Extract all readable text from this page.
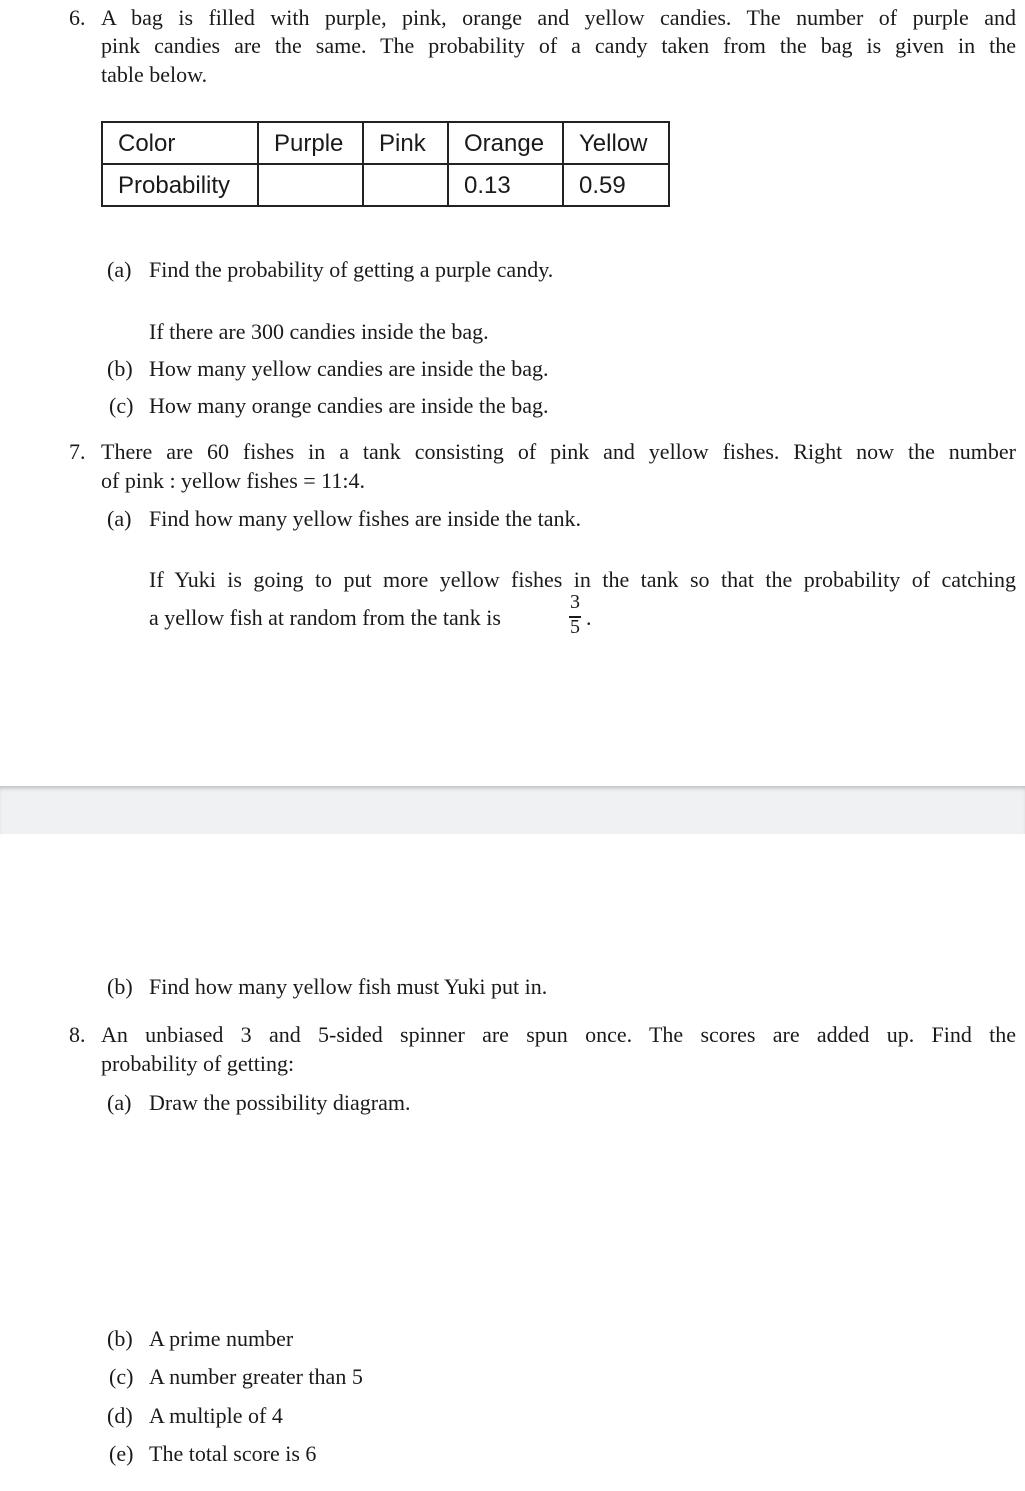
6. A bag is filled with purple, pink, orange and yellow candies. The number of purple and
pink candies are the same. The probability of a candy taken from the bag is given in the
table below.
Color	Purple	Pink	Orange	Yellow
Probability			0.13	0.59
(a) Find the probability of getting a purple candy.
If there are 300 candies inside the bag.
(b) How many yellow candies are inside the bag.
(c) How many orange candies are inside the bag.
7. There are 60 fishes in a tank consisting of pink and yellow fishes. Right now the number
of pink : yellow fishes = 11:4.
(a) Find how many yellow fishes are inside the tank.
If Yuki is going to put more yellow fishes in the tank so that the probability of catching
a yellow fish at random from the tank is
3
5 .
(b) Find how many yellow fish must Yuki put in.
8. An unbiased 3 and 5-sided spinner are spun once. The scores are added up. Find the
probability of getting:
(a) Draw the possibility diagram.
(b) A prime number
(c) A number greater than 5
(d) A multiple of 4
(e) The total score is 6
